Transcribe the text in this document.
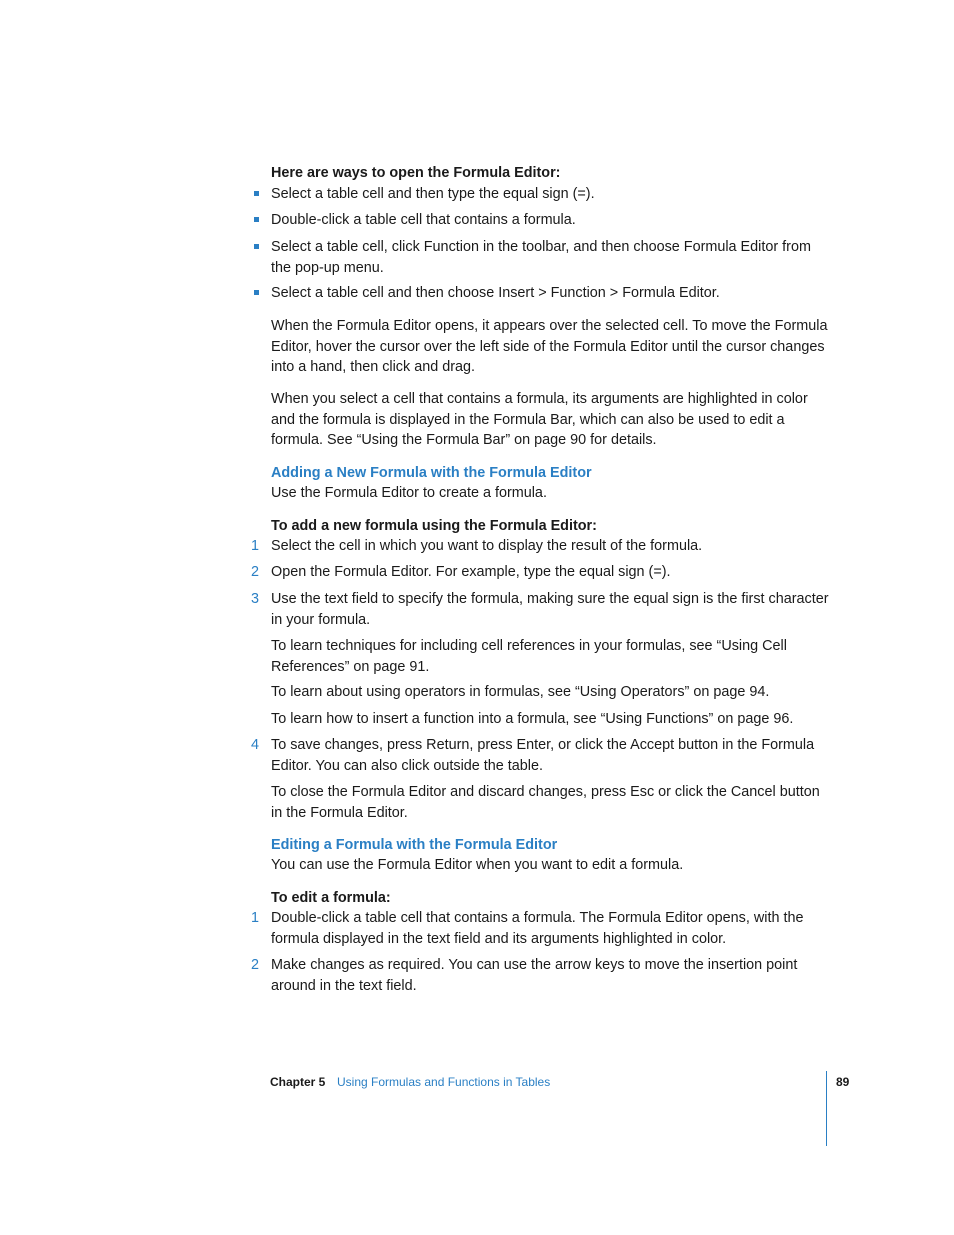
Here are ways to open the Formula Editor:

Select a table cell and then type the equal sign (=).
Double-click a table cell that contains a formula.
Select a table cell, click Function in the toolbar, and then choose Formula Editor from the pop-up menu.
Select a table cell and then choose Insert > Function > Formula Editor.

When the Formula Editor opens, it appears over the selected cell. To move the Formula Editor, hover the cursor over the left side of the Formula Editor until the cursor changes into a hand, then click and drag.

When you select a cell that contains a formula, its arguments are highlighted in color and the formula is displayed in the Formula Bar, which can also be used to edit a formula. See “Using the Formula Bar” on page 90 for details.

Adding a New Formula with the Formula Editor

Use the Formula Editor to create a formula.

To add a new formula using the Formula Editor:

1 Select the cell in which you want to display the result of the formula.
2 Open the Formula Editor. For example, type the equal sign (=).
3 Use the text field to specify the formula, making sure the equal sign is the first character in your formula.

To learn techniques for including cell references in your formulas, see “Using Cell References” on page 91.

To learn about using operators in formulas, see “Using Operators” on page 94.

To learn how to insert a function into a formula, see “Using Functions” on page 96.

4 To save changes, press Return, press Enter, or click the Accept button in the Formula Editor. You can also click outside the table.

To close the Formula Editor and discard changes, press Esc or click the Cancel button in the Formula Editor.

Editing a Formula with the Formula Editor

You can use the Formula Editor when you want to edit a formula.

To edit a formula:

1 Double-click a table cell that contains a formula. The Formula Editor opens, with the formula displayed in the text field and its arguments highlighted in color.
2 Make changes as required. You can use the arrow keys to move the insertion point around in the text field.
Chapter 5 Using Formulas and Functions in Tables	89
